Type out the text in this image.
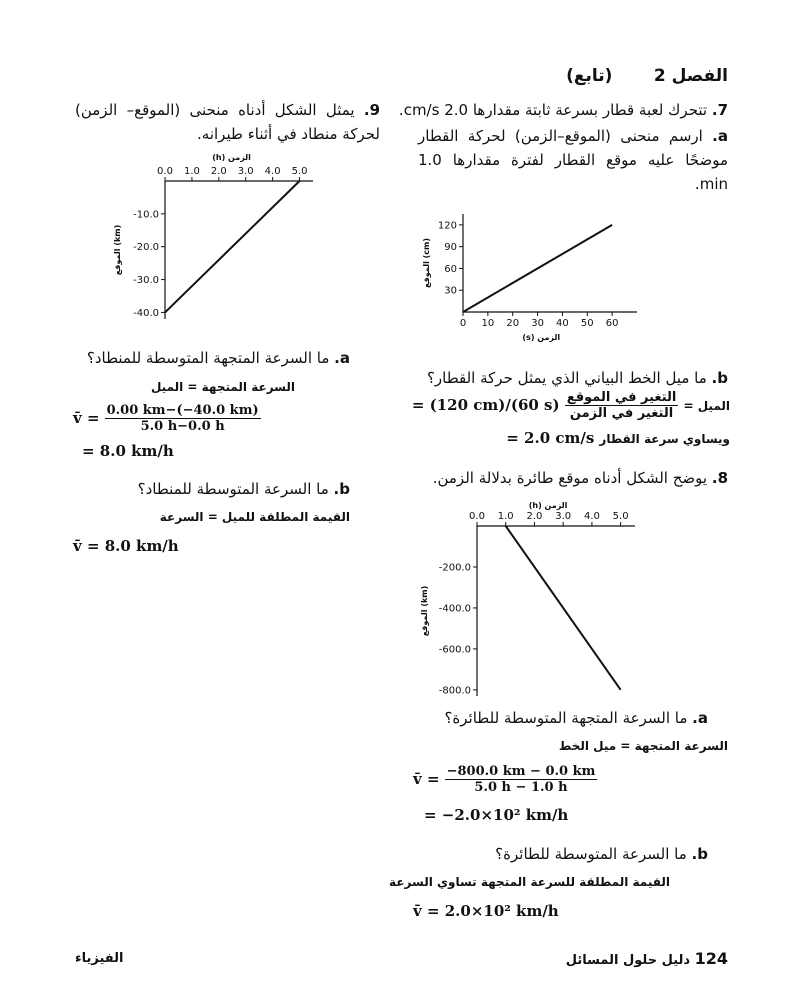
الفصل 2       (تابع)
7. تتحرك لعبة قطار بسرعة ثابتة مقدارها 2.0 cm/s.
a. ارسم منحنى (الموقع–الزمن) لحركة القطار موضحًا عليه موقع القطار لفترة مقدارها 1.0 min.
0 10 20 30 40 50 60
30
60
90
120
الزمن (s)
الموقع (cm)
b. ما ميل الخط البياني الذي يمثل حركة القطار؟
الميل =
$\frac{\text{التغير في الموقع}}{\text{التغير في الزمن}}$
= (120 cm)/(60 s)
ويساوي سرعة القطار = 2.0 cm/s
8. يوضح الشكل أدناه موقع طائرة بدلالة الزمن.
0.0 1.0 2.0 3.0 4.0 5.0
-200.0
-400.0
-600.0
-800.0
الزمن (h)
الموقع (km)
a. ما السرعة المتجهة المتوسطة للطائرة؟
السرعة المتجهة = ميل الخط
v̄ = $\frac{-800.0 km - 0.0 km}{5.0 h - 1.0 h}$
= −2.0×10² km/h
b. ما السرعة المتوسطة للطائرة؟
القيمة المطلقة للسرعة المتجهة تساوي السرعة
v̄ = 2.0×10² km/h
9. يمثل الشكل أدناه منحنى (الموقع– الزمن) لحركة منطاد في أثناء طيرانه.
0.0 1.0 2.0 3.0 4.0 5.0
-10.0
-20.0
-30.0
-40.0
الزمن (h)
الموقع (km)
a. ما السرعة المتجهة المتوسطة للمنطاد؟
السرعة المتجهة = الميل
v̄ = $\frac{0.00 km-(-40.0 km)}{5.0 h-0.0 h}$
= 8.0 km/h
b. ما السرعة المتوسطة للمنطاد؟
القيمة المطلقة للميل = السرعة
v̄ = 8.0 km/h
124 دليل حلول المسائل
الفيزياء
